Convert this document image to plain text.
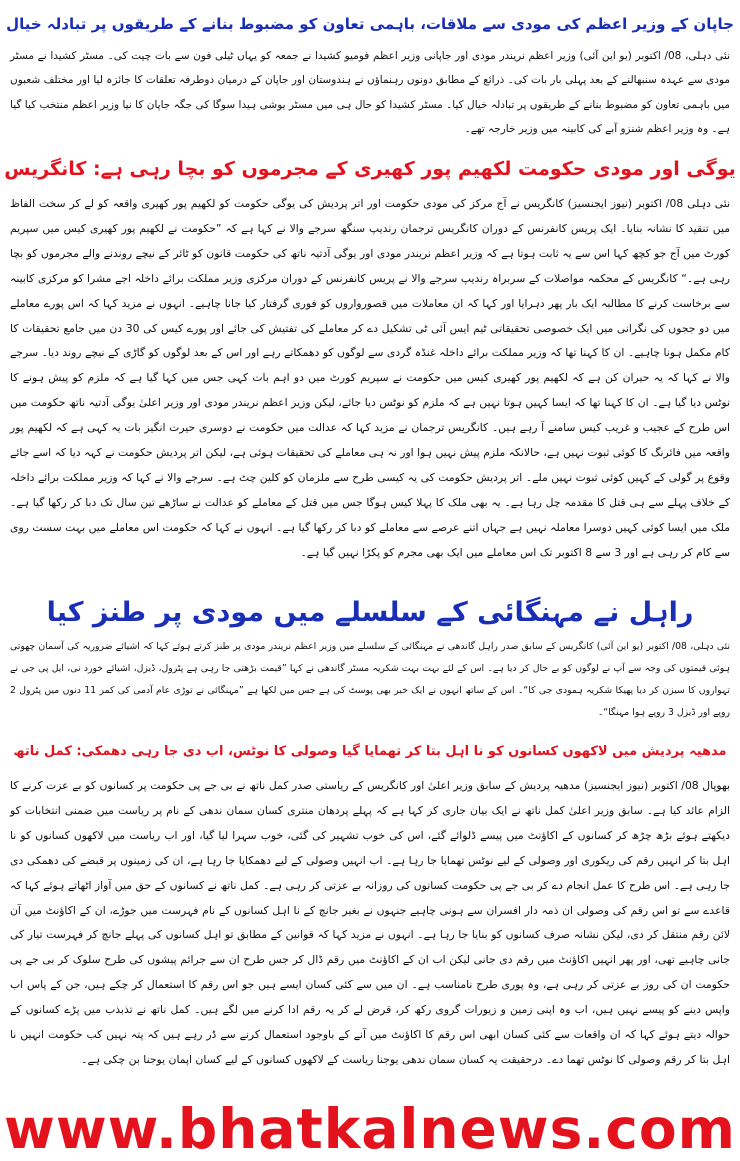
جاپان کے وزیر اعظم کی مودی سے ملاقات، باہمی تعاون کو مضبوط بنانے کے طریقوں پر تبادلہ خیال

نئی دہلی، 08/ اکتوبر (یو این آئی) وزیر اعظم نریندر مودی اور جاپانی وزیر اعظم فومیو کشیدا نے جمعہ کو یہاں ٹیلی فون سے بات چیت کی۔ مسٹر کشیدا نے مسٹر مودی سے عہدہ سنبھالنے کے بعد پہلی بار بات کی۔ ذرائع کے مطابق دونوں رہنماؤں نے ہندوستان اور جاپان کے درمیان دوطرفہ تعلقات کا جائزہ لیا اور مختلف شعبوں میں باہمی تعاون کو مضبوط بنانے کے طریقوں پر تبادلہ خیال کیا۔ مسٹر کشیدا کو حال ہی میں مسٹر یوشی ہیدا سوگا کی جگہ جاپان کا نیا وزیر اعظم منتخب کیا گیا ہے۔ وہ وزیر اعظم شنزو آبے کی کابینہ میں وزیر خارجہ تھے۔

یوگی اور مودی حکومت لکھیم پور کھیری کے مجرموں کو بچا رہی ہے: کانگریس

نئی دہلی 08/ اکتوبر (نیوز ایجنسیز) کانگریس نے آج مرکز کی مودی حکومت اور اتر پردیش کی یوگی حکومت کو لکھیم پور کھیری واقعہ کو لے کر سخت الفاظ میں تنقید کا نشانہ بنایا۔ ایک پریس کانفرنس کے دوران کانگریس ترجمان رندیپ سنگھ سرجے والا نے کہا ہے کہ ”حکومت نے لکھیم پور کھیری کیس میں سپریم کورٹ میں آج جو کچھ کہا اس سے یہ ثابت ہوتا ہے کہ وزیر اعظم نریندر مودی اور یوگی آدتیہ ناتھ کی حکومت قانون کو ٹائر کے نیچے روندنے والے مجرموں کو بچا رہی ہے۔“ کانگریس کے محکمہ مواصلات کے سربراہ رندیپ سرجے والا نے پریس کانفرنس کے دوران مرکزی وزیر مملکت برائے داخلہ اجے مشرا کو مرکزی کابینہ سے برخاست کرنے کا مطالبہ ایک بار پھر دہرایا اور کہا کہ ان معاملات میں قصورواروں کو فوری گرفتار کیا جانا چاہیے۔ انہوں نے مزید کہا کہ اس پورے معاملے میں دو ججوں کی نگرانی میں ایک خصوصی تحقیقاتی ٹیم ایس آئی ٹی تشکیل دے کر معاملے کی تفتیش کی جائے اور پورے کیس کی 30 دن میں جامع تحقیقات کا کام مکمل ہونا چاہیے۔ ان کا کہنا تھا کہ وزیر مملکت برائے داخلہ غنڈہ گردی سے لوگوں کو دھمکاتے رہے اور اس کے بعد لوگوں کو گاڑی کے نیچے روند دیا۔ سرجے والا نے کہا کہ یہ حیران کن ہے کہ لکھیم پور کھیری کیس میں حکومت نے سپریم کورٹ میں دو اہم بات کہی جس میں کہا گیا ہے کہ ملزم کو پیش ہونے کا نوٹس دیا گیا ہے۔ ان کا کہنا تھا کہ ایسا کہیں ہوتا نہیں ہے کہ ملزم کو نوٹس دیا جائے، لیکن وزیر اعظم نریندر مودی اور وزیر اعلیٰ یوگی آدتیہ ناتھ حکومت میں اس طرح کے عجیب و غریب کیس سامنے آ رہے ہیں۔ کانگریس ترجمان نے مزید کہا کہ عدالت میں حکومت نے دوسری حیرت انگیز بات یہ کہی ہے کہ لکھیم پور واقعہ میں فائرنگ کا کوئی ثبوت نہیں ہے، حالانکہ ملزم پیش نہیں ہوا اور نہ ہی معاملے کی تحقیقات ہوئی ہے، لیکن اتر پردیش حکومت نے کہہ دیا کہ اسے جائے وقوع پر گولی کے کہیں کوئی ثبوت نہیں ملے۔ اتر پردیش حکومت کی یہ کیسی طرح سے ملزمان کو کلین چٹ ہے۔ سرجے والا نے کہا کہ وزیر مملکت برائے داخلہ کے خلاف پہلے سے ہی قتل کا مقدمہ چل رہا ہے۔ یہ بھی ملک کا پہلا کیس ہوگا جس میں قتل کے معاملے کو عدالت نے ساڑھے تین سال تک دبا کر رکھا گیا ہے۔ ملک میں ایسا کوئی کہیں دوسرا معاملہ نہیں ہے جہاں اتنے عرصے سے معاملے کو دبا کر رکھا گیا ہے۔ انہوں نے کہا کہ حکومت اس معاملے میں بہت سست روی سے کام کر رہی ہے اور 3 سے 8 اکتوبر تک اس معاملے میں ایک بھی مجرم کو پکڑا نہیں گیا ہے۔

راہل نے مہنگائی کے سلسلے میں مودی پر طنز کیا

نئی دہلی، 08/ اکتوبر (یو این آئی) کانگریس کے سابق صدر راہل گاندھی نے مہنگائی کے سلسلے میں وزیر اعظم نریندر مودی پر طنز کرتے ہوئے کہا کہ اشیائے ضروریہ کی آسمان چھوتی ہوئی قیمتوں کی وجہ سے آپ نے لوگوں کو بے حال کر دیا ہے۔ اس کے لئے بہت بہت شکریہ مسٹر گاندھی نے کہا ”قیمت بڑھتی جا رہی ہے پٹرول، ڈیزل، اشیائے خورد نی، ایل پی جی نے تہواروں کا سیزن کر دیا پھیکا شکریہ ہمودی جی کا“۔ اس کے ساتھ انہوں نے ایک خبر بھی پوسٹ کی ہے جس میں لکھا ہے ”مہنگائی نے توڑی عام آدمی کی کمر 11 دنوں میں پٹرول 2 روپے اور ڈیزل 3 روپے ہوا مہنگا“۔

مدھیہ پردیش میں لاکھوں کسانوں کو نا اہل بتا کر تھمایا گیا وصولی کا نوٹس، اب دی جا رہی دھمکی: کمل ناتھ

بھوپال 08/ اکتوبر (نیوز ایجنسیز) مدھیہ پردیش کے سابق وزیر اعلیٰ اور کانگریس کے ریاستی صدر کمل ناتھ نے بی جے پی حکومت پر کسانوں کو بے عزت کرنے کا الزام عائد کیا ہے۔ سابق وزیر اعلیٰ کمل ناتھ نے ایک بیان جاری کر کہا ہے کہ پہلے پردھان منتری کسان سمان ندھی کے نام پر ریاست میں ضمنی انتخابات کو دیکھتے ہوئے بڑھ چڑھ کر کسانوں کے اکاؤنٹ میں پیسے ڈلوائے گئے، اس کی خوب تشہیر کی گئی، خوب سہرا لیا گیا، اور اب ریاست میں لاکھوں کسانوں کو نا اہل بتا کر انہیں رقم کی ریکوری اور وصولی کے لیے نوٹس تھمایا جا رہا ہے۔ اب انہیں وصولی کے لیے دھمکایا جا رہا ہے، ان کی زمینوں پر قبضے کی دھمکی دی جا رہی ہے۔ اس طرح کا عمل انجام دے کر بی جے پی حکومت کسانوں کی روزانہ بے عزتی کر رہی ہے۔ کمل ناتھ نے کسانوں کے حق میں آواز اٹھاتے ہوئے کہا کہ قاعدے سے تو اس رقم کی وصولی ان ذمہ دار افسران سے ہونی چاہیے جنہوں نے بغیر جانچ کے نا اہل کسانوں کے نام فہرست میں جوڑے، ان کے اکاؤنٹ میں آن لائن رقم منتقل کر دی، لیکن نشانہ صرف کسانوں کو بنایا جا رہا ہے۔ انہوں نے مزید کہا کہ قوانین کے مطابق تو اہل کسانوں کی پہلے جانچ کر فہرست تیار کی جانی چاہیے تھی، اور پھر انہیں اکاؤنٹ میں رقم دی جانی لیکن اب ان کے اکاؤنٹ میں رقم ڈال کر جس طرح ان سے جرائم پیشوں کی طرح سلوک کر بی جے پی حکومت ان کی روز بے عزتی کر رہی ہے، وہ پوری طرح نامناسب ہے۔ ان میں سے کئی کسان ایسے ہیں جو اس رقم کا استعمال کر چکے ہیں، جن کے پاس اب واپس دینے کو پیسے نہیں ہیں، اب وہ اپنی زمین و زیورات گروی رکھ کر، قرض لے کر یہ رقم ادا کرنے میں لگے ہیں۔ کمل ناتھ نے تذبذب میں پڑے کسانوں کے حوالہ دیتے ہوئے کہا کہ ان واقعات سے کئی کسان ابھی اس رقم کا اکاؤنٹ میں آنے کے باوجود استعمال کرنے سے ڈر رہے ہیں کہ پتہ نہیں کب حکومت انہیں نا اہل بتا کر رقم وصولی کا نوٹس تھما دے۔ درحقیقت یہ کسان سمان ندھی یوجنا ریاست کے لاکھوں کسانوں کے لیے کسان اپمان یوجنا بن چکی ہے۔

www.bhatkalnews.com
